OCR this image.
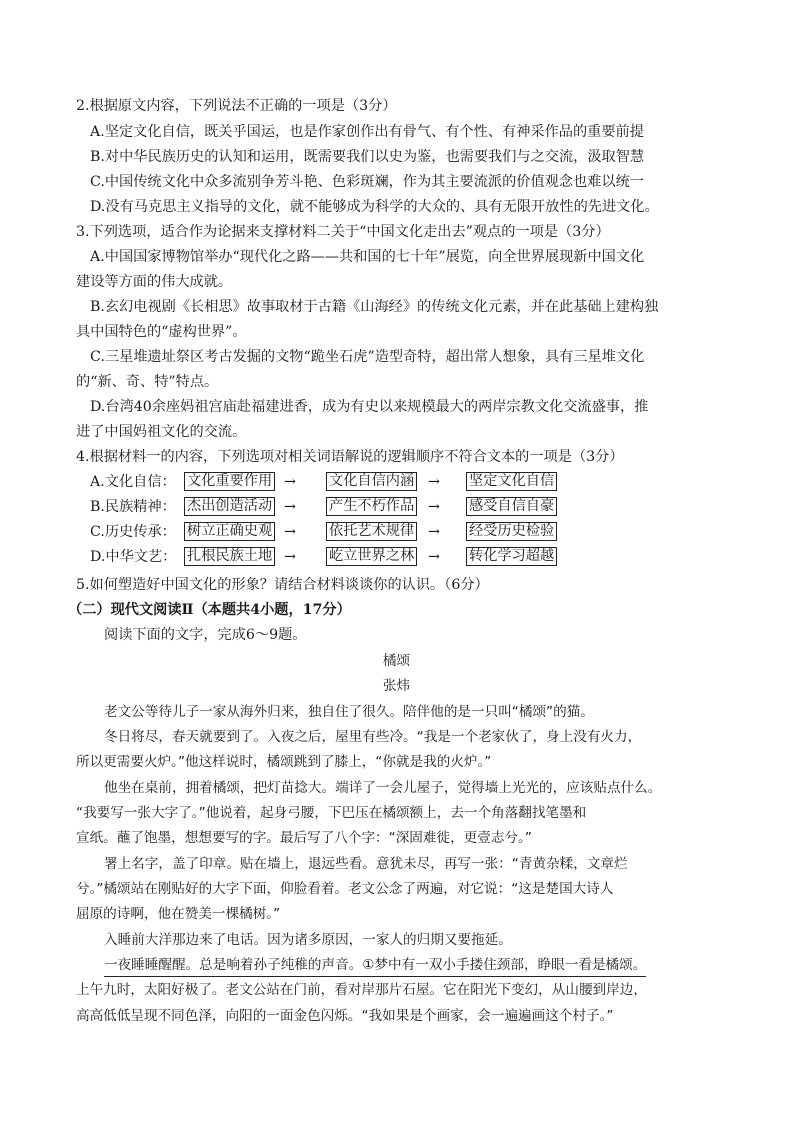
2.根据原文内容，下列说法不正确的一项是（3分）
A.坚定文化自信，既关乎国运，也是作家创作出有骨气、有个性、有神采作品的重要前提
B.对中华民族历史的认知和运用，既需要我们以史为鉴，也需要我们与之交流，汲取智慧
C.中国传统文化中众多流别争芳斗艳、色彩斑斓，作为其主要流派的价值观念也难以统一
D.没有马克思主义指导的文化，就不能够成为科学的大众的、具有无限开放性的先进文化。
3.下列选项，适合作为论据来支撑材料二关于“中国文化走出去”观点的一项是（3分）
A.中国国家博物馆举办“现代化之路——共和国的七十年”展览，向全世界展现新中国文化
建设等方面的伟大成就。
B.玄幻电视剧《长相思》故事取材于古籍《山海经》的传统文化元素，并在此基础上建构独
具中国特色的“虚构世界”。
C.三星堆遗址祭区考古发掘的文物“跪坐石虎”造型奇特，超出常人想象，具有三星堆文化
的“新、奇、特”特点。
D.台湾40余座妈祖宫庙赴福建进香，成为有史以来规模最大的两岸宗教文化交流盛事，推
进了中国妈祖文化的交流。
4.根据材料一的内容，下列选项对相关词语解说的逻辑顺序不符合文本的一项是（3分）
A.文化自信： 文化重要作用 → 文化自信内涵 → 坚定文化自信
B.民族精神： 杰出创造活动 → 产生不朽作品 → 感受自信自豪
C.历史传承： 树立正确史观 → 依托艺术规律 → 经受历史检验
D.中华文艺： 扎根民族土地 → 屹立世界之林 → 转化学习超越
5.如何塑造好中国文化的形象？请结合材料谈谈你的认识。（6分）
（二）现代文阅读Ⅱ（本题共4小题，17分）
阅读下面的文字，完成6～9题。
橘颂
张炜
老文公等待儿子一家从海外归来，独自住了很久。陪伴他的是一只叫“橘颂”的猫。
冬日将尽，春天就要到了。入夜之后，屋里有些冷。“我是一个老家伙了，身上没有火力，
所以更需要火炉。”他这样说时，橘颂跳到了膝上，“你就是我的火炉。”
他坐在桌前，拥着橘颂，把灯苗捻大。端详了一会儿屋子，觉得墙上光光的，应该贴点什么。
“我要写一张大字了。”他说着，起身弓腰，下巴压在橘颂额上，去一个角落翻找笔墨和
宣纸。蘸了饱墨，想想要写的字。最后写了八个字：“深固难徙，更壹志兮。”
署上名字，盖了印章。贴在墙上，退远些看。意犹未尽，再写一张：“青黄杂糅，文章烂
兮。”橘颂站在刚贴好的大字下面，仰脸看着。老文公念了两遍，对它说：“这是楚国大诗人
屈原的诗啊，他在赞美一棵橘树。”
入睡前大洋那边来了电话。因为诸多原因，一家人的归期又要拖延。
一夜睡睡醒醒。总是响着孙子纯稚的声音。①梦中有一双小手搂住颈部，睁眼一看是橘颂。
上午九时，太阳好极了。老文公站在门前，看对岸那片石屋。它在阳光下变幻，从山腰到岸边，
高高低低呈现不同色泽，向阳的一面金色闪烁。“我如果是个画家，会一遍遍画这个村子。”
